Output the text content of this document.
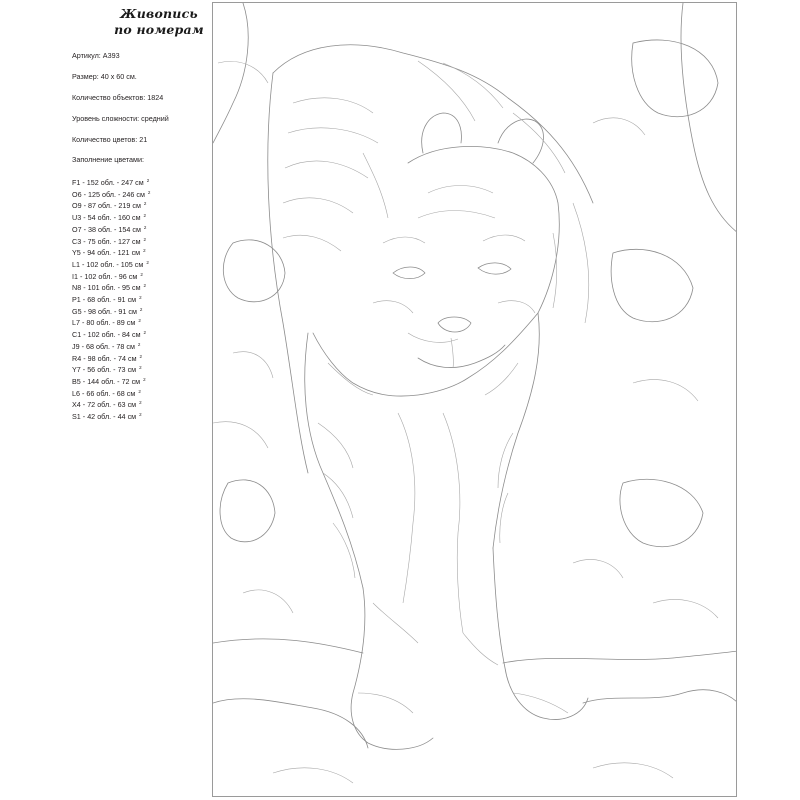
Живопись
по номерам
Артикул: A393
Размер: 40 х 60 см.
Количество объектов: 1824
Уровень сложности: средний
Количество цветов: 21
Заполнение цветами:
F1 - 152 обл. - 247 см $^2$
O6 - 125 обл. - 246 см $^2$
O9 - 87 обл. - 219 см $^2$
U3 - 54 обл. - 160 см $^2$
O7 - 38 обл. - 154 см $^2$
C3 - 75 обл. - 127 см $^2$
Y5 - 94 обл. - 121 см $^2$
L1 - 102 обл. - 105 см $^2$
I1 - 102 обл. - 96 см $^2$
N8 - 101 обл. - 95 см $^2$
P1 - 68 обл. - 91 см $^2$
G5 - 98 обл. - 91 см $^2$
L7 - 80 обл. - 89 см $^2$
C1 - 102 обл. - 84 см $^2$
J9 - 68 обл. - 78 см $^2$
R4 - 98 обл. - 74 см $^2$
Y7 - 56 обл. - 73 см $^2$
B5 - 144 обл. - 72 см $^2$
L6 - 66 обл. - 68 см $^2$
X4 - 72 обл. - 63 см $^2$
S1 - 42 обл. - 44 см $^2$
